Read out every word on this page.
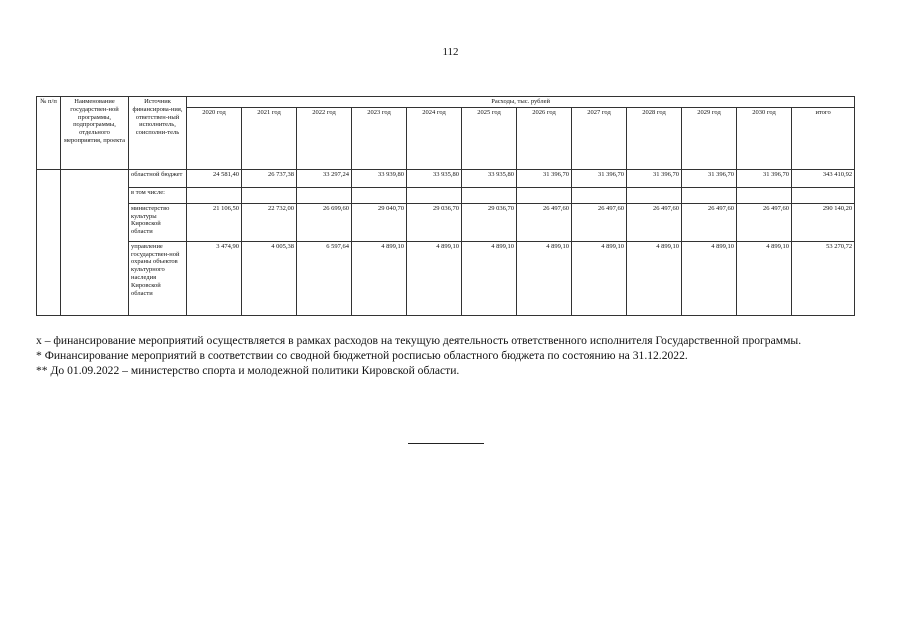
112
№ п/п	Наименование государствен-ной программы, подпрограммы, отдельного мероприятия, проекта	Источник финансирова-ния, ответствен-ный исполнитель, соисполни-тель	Расходы, тыс. рублей											
			2020 год	2021 год	2022 год	2023 год	2024 год	2025 год	2026 год	2027 год	2028 год	2029 год	2030 год	итого
		областной бюджет	24 581,40	26 737,38	33 297,24	33 939,80	33 935,80	33 935,80	31 396,70	31 396,70	31 396,70	31 396,70	31 396,70	343 410,92
		в том числе:												
		министерство культуры Кировской области	21 106,50	22 732,00	26 699,60	29 040,70	29 036,70	29 036,70	26 497,60	26 497,60	26 497,60	26 497,60	26 497,60	290 140,20
		управление государствен-ной охраны объектов культурного наследия Кировской области	3 474,90	4 005,38	6 597,64	4 899,10	4 899,10	4 899,10	4 899,10	4 899,10	4 899,10	4 899,10	4 899,10	53 270,72

х – финансирование мероприятий осуществляется в рамках расходов на текущую деятельность ответственного исполнителя Государственной программы.

* Финансирование мероприятий в соответствии со сводной бюджетной росписью областного бюджета по состоянию на 31.12.2022.

** До 01.09.2022 – министерство спорта и молодежной политики Кировской области.
